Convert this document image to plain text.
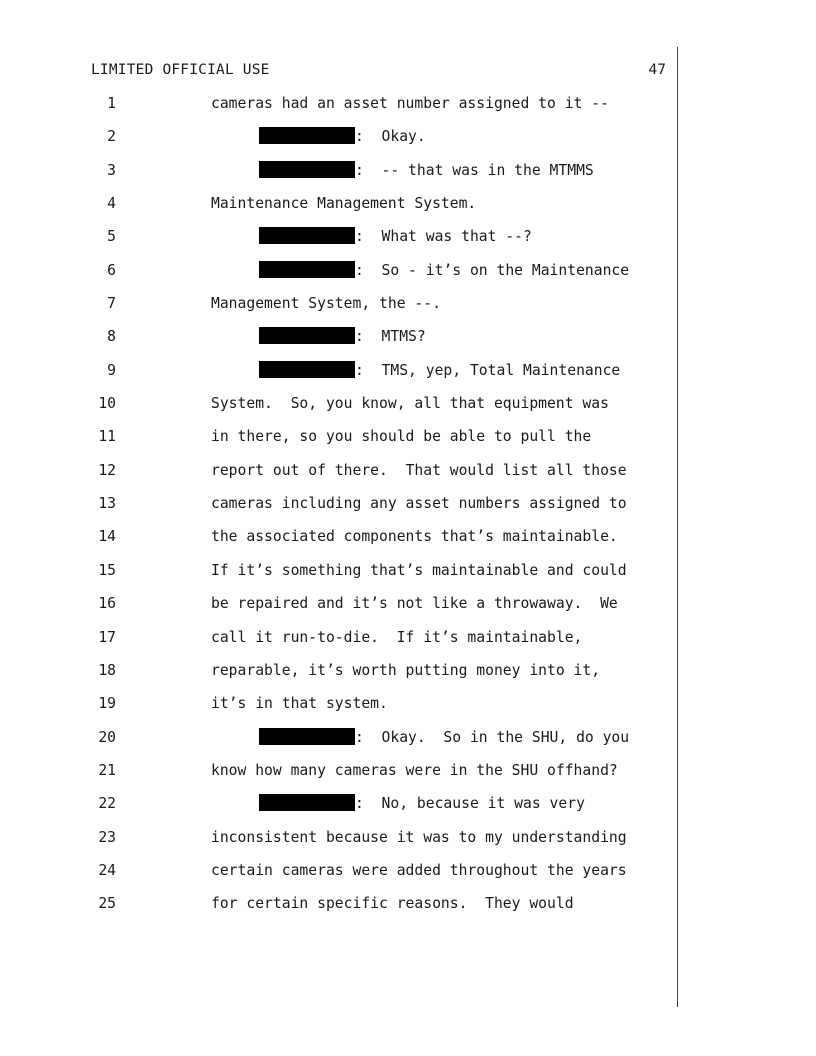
LIMITED OFFICIAL USE	47
1	cameras had an asset number assigned to it --
2	:  Okay.
3	:  -- that was in the MTMMS
4	Maintenance Management System.
5	:  What was that --?
6	:  So - it’s on the Maintenance
7	Management System, the --.
8	:  MTMS?
9	:  TMS, yep, Total Maintenance
10	System.  So, you know, all that equipment was
11	in there, so you should be able to pull the
12	report out of there.  That would list all those
13	cameras including any asset numbers assigned to
14	the associated components that’s maintainable.
15	If it’s something that’s maintainable and could
16	be repaired and it’s not like a throwaway.  We
17	call it run-to-die.  If it’s maintainable,
18	reparable, it’s worth putting money into it,
19	it’s in that system.
20	:  Okay.  So in the SHU, do you
21	know how many cameras were in the SHU offhand?
22	:  No, because it was very
23	inconsistent because it was to my understanding
24	certain cameras were added throughout the years
25	for certain specific reasons.  They would
